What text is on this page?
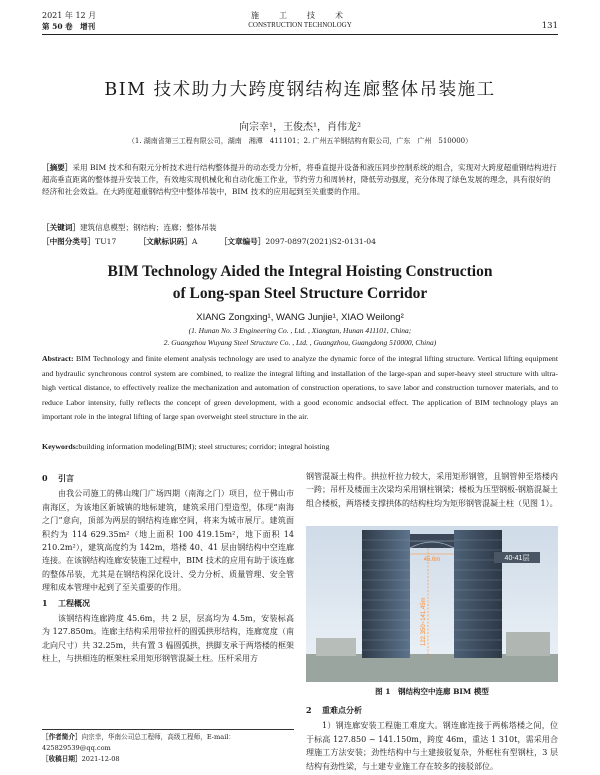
2021 年 12 月
第 50 卷　增刊
施　工　技　术
CONSTRUCTION TECHNOLOGY	131
BIM 技术助力大跨度钢结构连廊整体吊装施工
向宗幸¹，王俊杰¹，肖伟龙²
（1. 湖南省第三工程有限公司，湖南　湘潭　411101；2. 广州五羊钢结构有限公司，广东　广州　510000）
［摘要］采用 BIM 技术和有限元分析技术进行结构整体提升的动态受力分析，将垂直提升设备和液压同步控制系统的组合，实现对大跨度超重钢结构进行超高垂直距离的整体提升安装工作，有效地实现机械化和自动化施工作业，节约劳力和周转材，降低劳动强度，充分体现了绿色发展的理念，具有很好的经济和社会效益。在大跨度超重钢结构空中整体吊装中，BIM 技术的应用起到至关重要的作用。
［关键词］建筑信息模型；钢结构；连廊；整体吊装
［中图分类号］TU17	［文献标识码］A	［文章编号］2097-0897(2021)S2-0131-04
BIM Technology Aided the Integral Hoisting Construction
of Long-span Steel Structure Corridor
XIANG Zongxing¹, WANG Junjie¹, XIAO Weilong²
(1. Hunan No. 3 Engineering Co. , Ltd. , Xiangtan, Hunan 411101, China;
2. Guangzhou Wuyang Steel Structure Co. , Ltd. , Guangzhou, Guangdong 510000, China)
Abstract: BIM Technology and finite element analysis technology are used to analyze the dynamic force of the integral lifting structure. Vertical lifting equipment and hydraulic synchronous control system are combined, to realize the integral lifting and installation of the large-span and super-heavy steel structure with ultra-high vertical distance, to effectively realize the mechanization and automation of construction operations, to save labor and construction turnover materials, and to reduce Labor intensity, fully reflects the concept of green development, with a good economic andsocial effect. The application of BIM technology plays an important role in the integral lifting of large span overweight steel structure in the air.
Keywords:building information modeling(BIM); steel structures; corridor; integral hoisting
0 引言

由我公司施工的佛山瑰门广场四期（南海之门）项目，位于佛山市南海区，为该地区新城镇的地标建筑，建筑采用门型造型，体现“南海之门”意向，顶部为两层的钢结构连廊空间，将来为城市展厅。建筑面积约为 114 629.35m²（地上面积 100 419.15m²，地下面积 14 210.2m²），建筑高度约为 142m，塔楼 40、41 层由钢结构中空连廊连接。在该钢结构连廊安装施工过程中，BIM 技术的应用有助于该连廊的整体吊装，尤其是在钢结构深化设计、受力分析、质量管理、安全管理和成本管理中起到了至关重要的作用。

1 工程概况

该钢结构连廊跨度 45.6m，共 2 层，层高均为 4.5m，安装标高为 127.850m。连廊主结构采用带拉杆的圆弧拱形结构，连廊宽度（南北向尺寸）共 32.25m，共有置 3 榀圆弧拱，拱脚支承于两塔楼的框架柱上，与拱相连的框架柱采用矩形钢管混凝土柱。压杆采用方

钢管混凝土构件。拱拉杆拉力较大，采用矩形钢管，且钢管伸至塔楼内一跨；吊杆及楼面主次梁均采用钢柱钢梁；楼板为压型钢板-钢筋混凝土组合楼板，两塔楼支撑拱体的结构柱均为矩形钢管混凝土柱（见图 1）。

40-41层
45.6m
122.350~141.45m
图 1　钢结构空中连廊 BIM 模型
2 重难点分析

1）钢连廊安装工程施工难度大。钢连廊连接于两栋塔楼之间，位于标高 127.850 ~ 141.150m，跨度 46m，重达 1 310t，需采用合理施工方法安装；劲性结构中与土建接驳复杂，外框柱有型钢柱，3 层结构有劲性梁，与土建专业施工存在较多的接驳部位。

［作者简介］向宗幸，华南公司总工程师，高级工程师，E-mail：425829539@qq.com
［收稿日期］2021-12-08
